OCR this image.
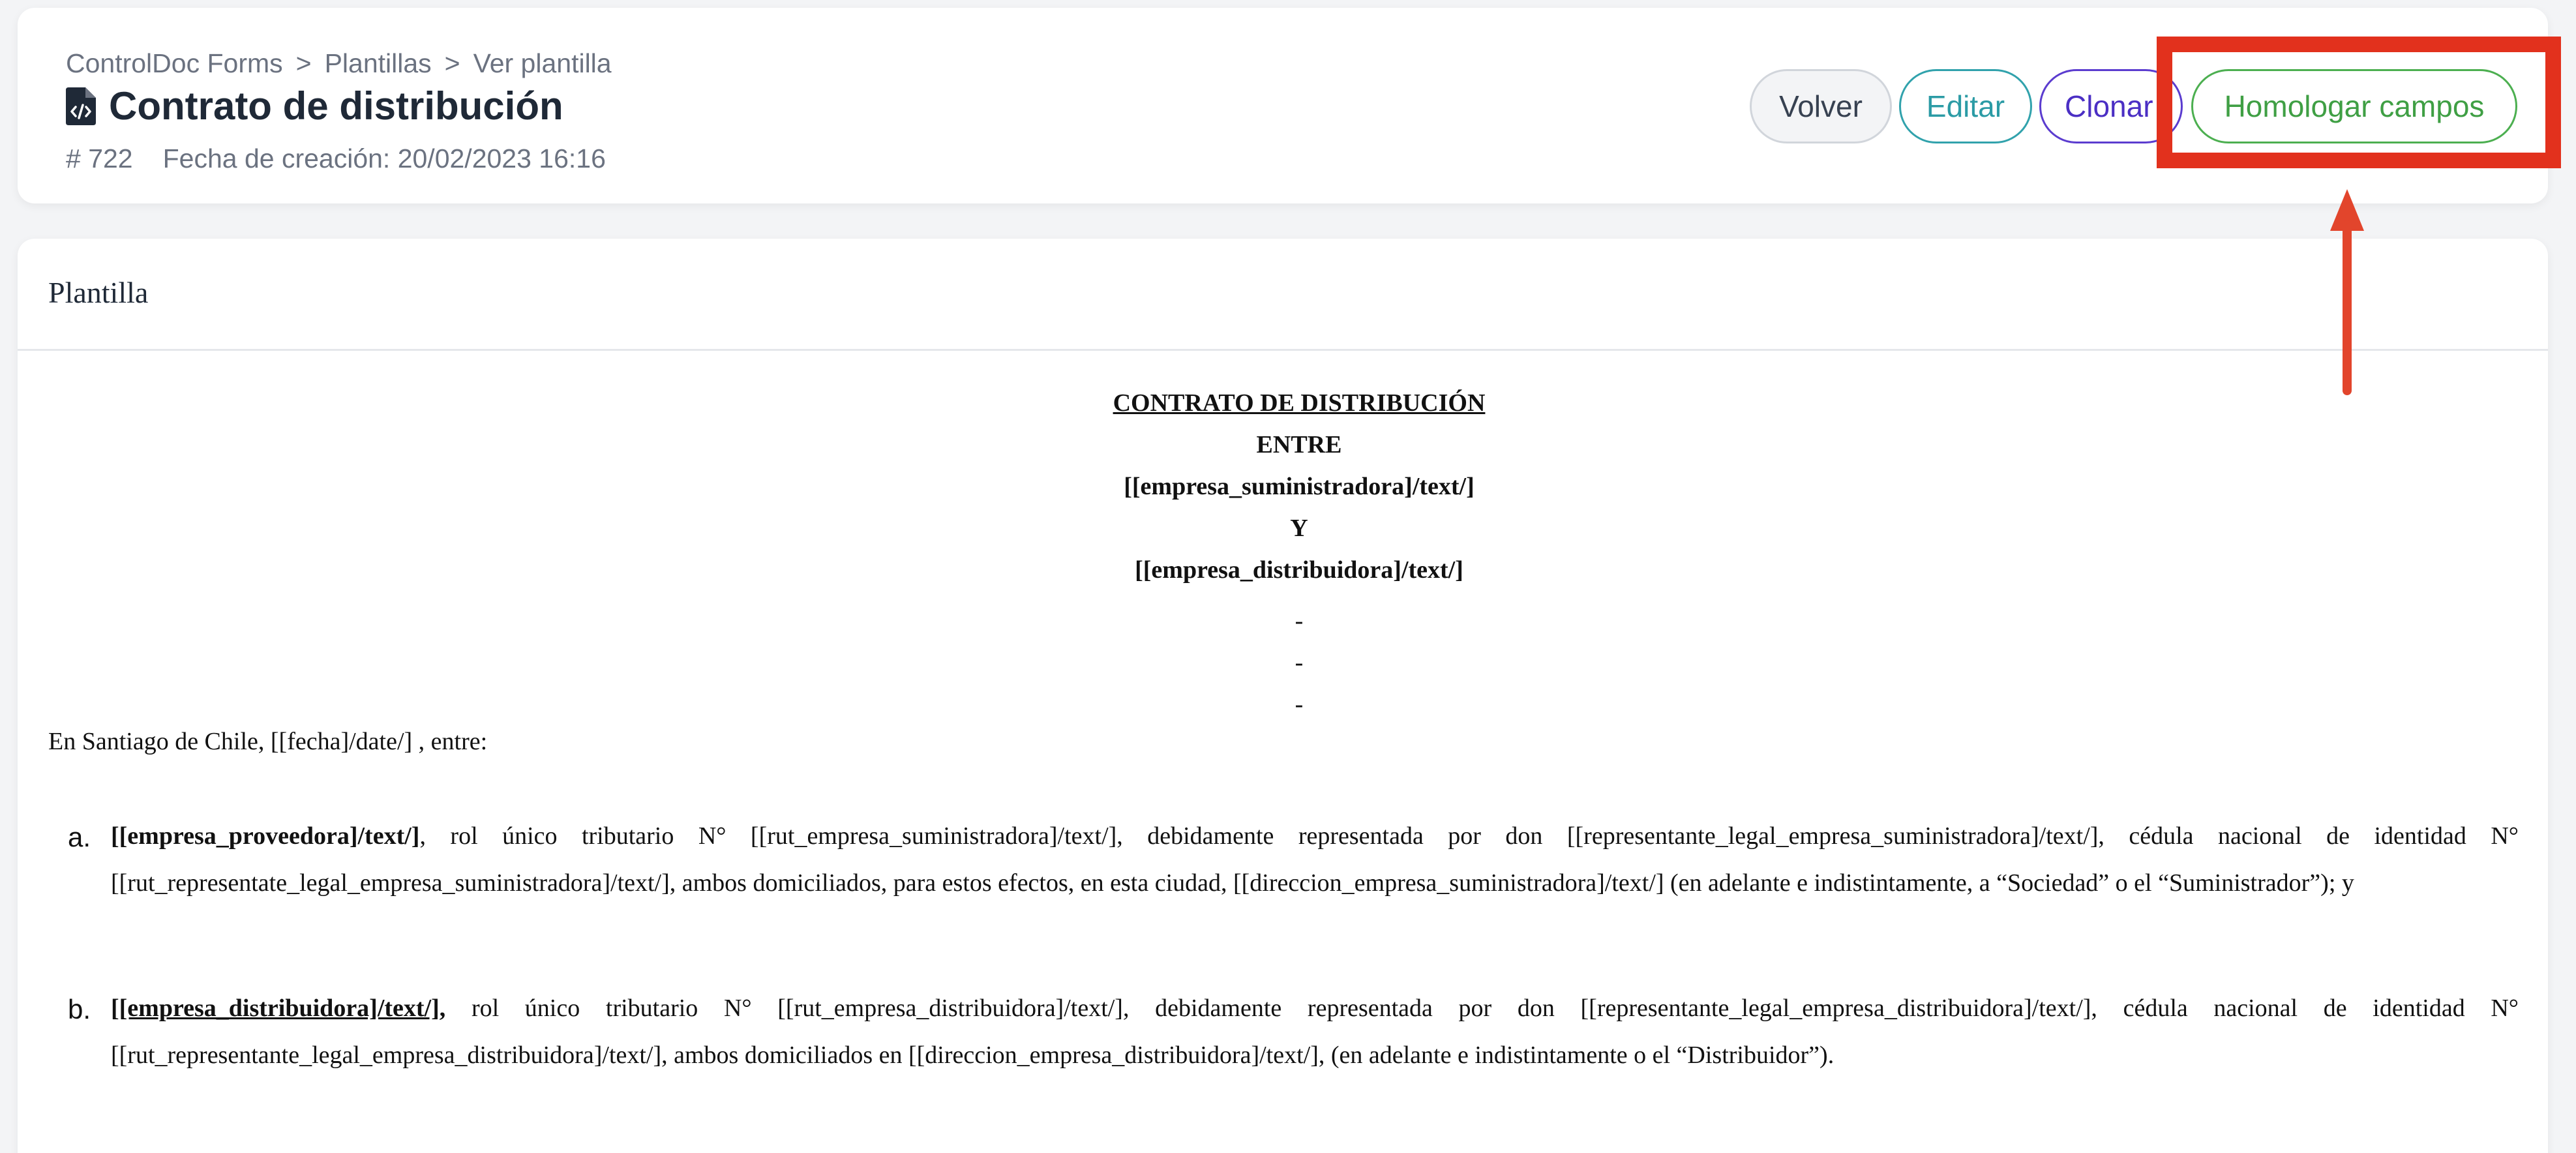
ControlDoc Forms > Plantillas > Ver plantilla
Contrato de distribución
# 722 Fecha de creación: 20/02/2023 16:16
Volver	Editar	Clonar	Homologar campos
Plantilla
CONTRATO DE DISTRIBUCIÓN
ENTRE
[[empresa_suministradora]/text/]
Y
[[empresa_distribuidora]/text/]
-
-
-
En Santiago de Chile, [[fecha]/date/] , entre:
a. [[empresa_proveedora]/text/], rol único tributario N° [[rut_empresa_suministradora]/text/], debidamente representada por don [[representante_legal_empresa_suministradora]/text/], cédula nacional de identidad N°
[[rut_representate_legal_empresa_suministradora]/text/], ambos domiciliados, para estos efectos, en esta ciudad, [[direccion_empresa_suministradora]/text/] (en adelante e indistintamente, a “Sociedad” o el “Suministrador”); y
b. [[empresa_distribuidora]/text/], rol único tributario N° [[rut_empresa_distribuidora]/text/], debidamente representada por don [[representante_legal_empresa_distribuidora]/text/], cédula nacional de identidad N°
[[rut_representante_legal_empresa_distribuidora]/text/], ambos domiciliados en [[direccion_empresa_distribuidora]/text/], (en adelante e indistintamente o el “Distribuidor”).
